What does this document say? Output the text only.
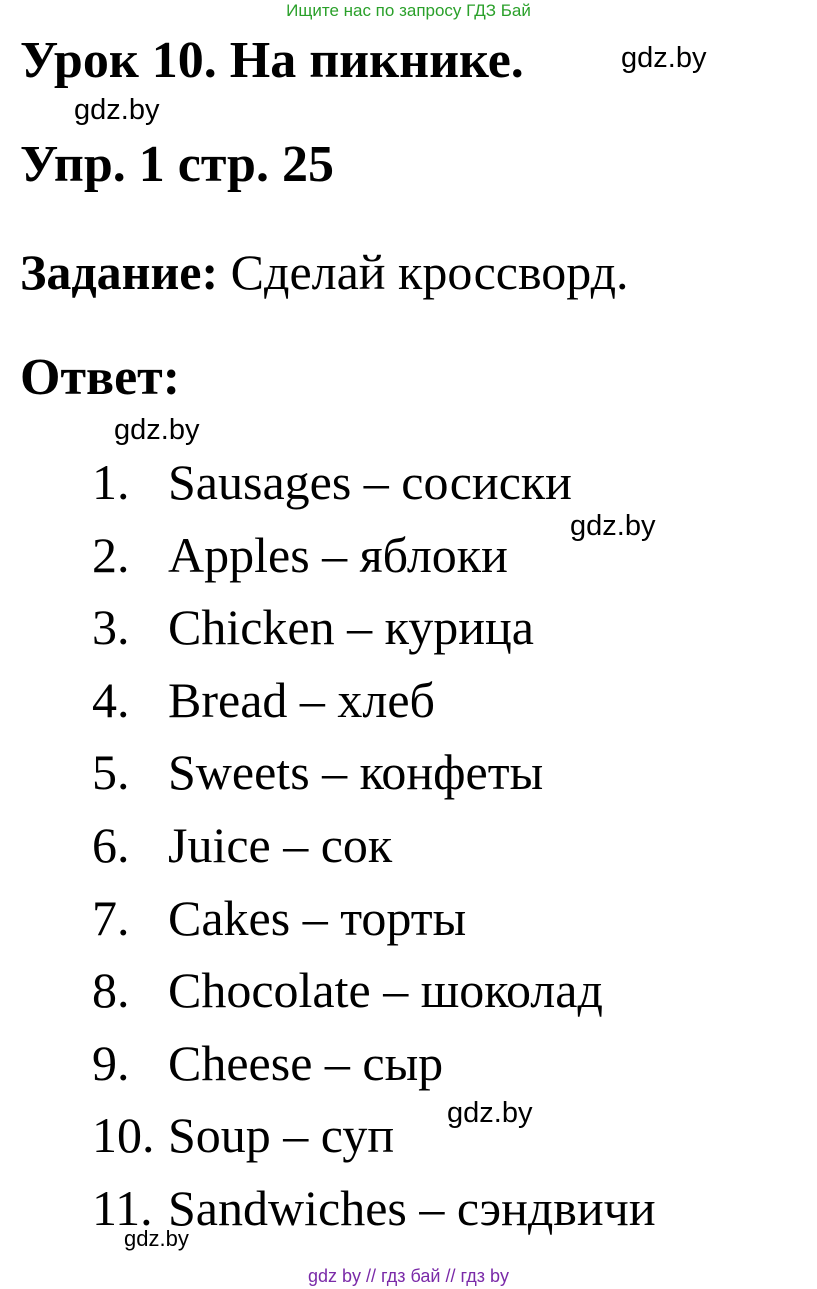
Ищите нас по запросу ГДЗ Бай
Урок 10. На пикнике.	gdz.by
gdz.by
Упр. 1 стр. 25
Задание: Сделай кроссворд.
Ответ:
gdz.by
1. Sausages – сосиски
2. Apples – яблоки
3. Chicken – курица
4. Bread – хлеб
5. Sweets – конфеты
6. Juice – сок
7. Cakes – торты
8. Chocolate – шоколад
9. Cheese – сыр
10. Soup – суп
11. Sandwiches – сэндвичи
gdz.by
gdz.by
gdz.by
gdz by // гдз бай // гдз by
